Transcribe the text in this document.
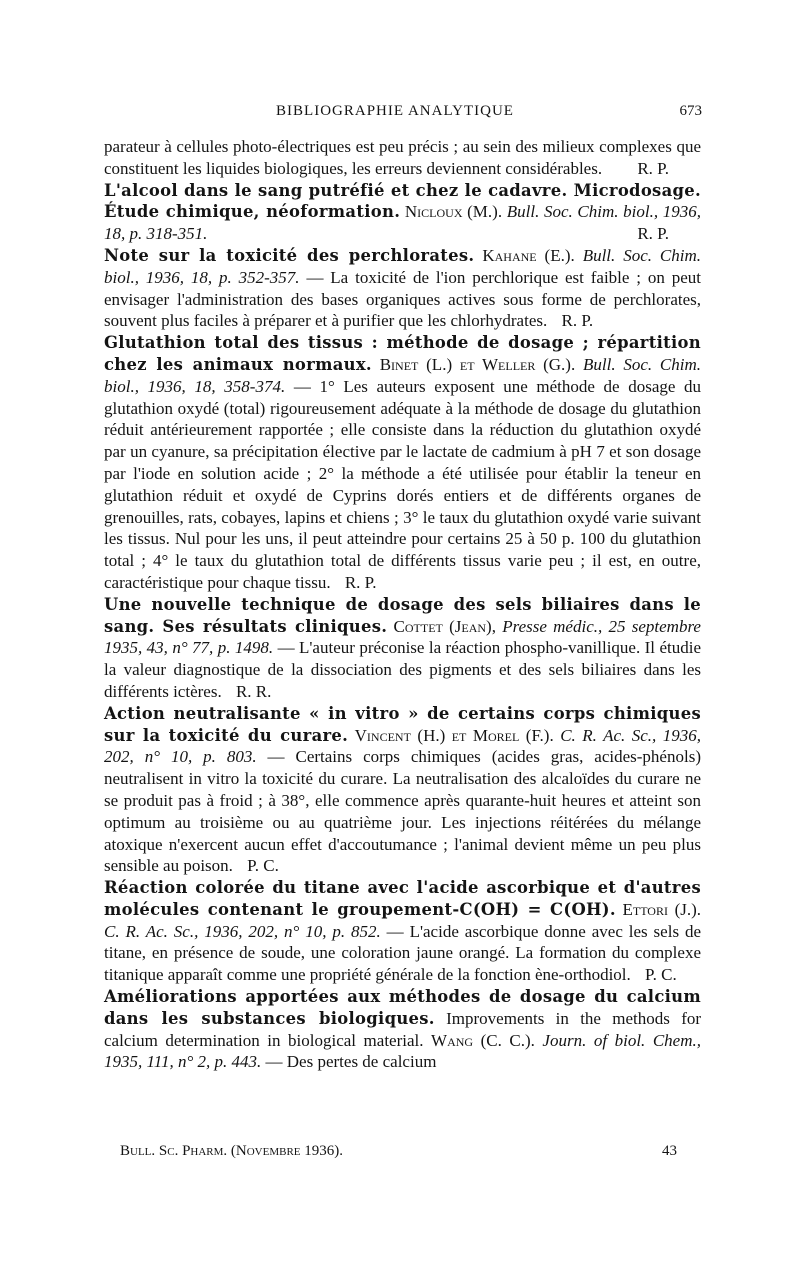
BIBLIOGRAPHIE ANALYTIQUE	673

parateur à cellules photo-électriques est peu précis ; au sein des milieux complexes que constituent les liquides biologiques, les erreurs deviennent considérables. R. P.

L'alcool dans le sang putréfié et chez le cadavre. Microdosage. Étude chimique, néoformation. Nicloux (M.). Bull. Soc. Chim. biol., 1936, 18, p. 318-351.	R. P.

Note sur la toxicité des perchlorates. Kahane (E.). Bull. Soc. Chim. biol., 1936, 18, p. 352-357. — La toxicité de l'ion perchlorique est faible ; on peut envisager l'administration des bases organiques actives sous forme de perchlorates, souvent plus faciles à préparer et à purifier que les chlorhydrates. R. P.

Glutathion total des tissus : méthode de dosage ; répartition chez les animaux normaux. Binet (L.) et Weller (G.). Bull. Soc. Chim. biol., 1936, 18, 358-374. — 1° Les auteurs exposent une méthode de dosage du glutathion oxydé (total) rigoureusement adéquate à la méthode de dosage du glutathion réduit antérieurement rapportée ; elle consiste dans la réduction du glutathion oxydé par un cyanure, sa précipitation élective par le lactate de cadmium à pH 7 et son dosage par l'iode en solution acide ; 2° la méthode a été utilisée pour établir la teneur en glutathion réduit et oxydé de Cyprins dorés entiers et de différents organes de grenouilles, rats, cobayes, lapins et chiens ; 3° le taux du glutathion oxydé varie suivant les tissus. Nul pour les uns, il peut atteindre pour certains 25 à 50 p. 100 du glutathion total ; 4° le taux du glutathion total de différents tissus varie peu ; il est, en outre, caractéristique pour chaque tissu. R. P.

Une nouvelle technique de dosage des sels biliaires dans le sang. Ses résultats cliniques. Cottet (Jean), Presse médic., 25 septembre 1935, 43, n° 77, p. 1498. — L'auteur préconise la réaction phospho-vanillique. Il étudie la valeur diagnostique de la dissociation des pigments et des sels biliaires dans les différents ictères. R. R.

Action neutralisante « in vitro » de certains corps chimiques sur la toxicité du curare. Vincent (H.) et Morel (F.). C. R. Ac. Sc., 1936, 202, n° 10, p. 803. — Certains corps chimiques (acides gras, acides-phénols) neutralisent in vitro la toxicité du curare. La neutralisation des alcaloïdes du curare ne se produit pas à froid ; à 38°, elle commence après quarante-huit heures et atteint son optimum au troisième ou au quatrième jour. Les injections réitérées du mélange atoxique n'exercent aucun effet d'accoutumance ; l'animal devient même un peu plus sensible au poison. P. C.

Réaction colorée du titane avec l'acide ascorbique et d'autres molécules contenant le groupement-C(OH) = C(OH). Ettori (J.). C. R. Ac. Sc., 1936, 202, n° 10, p. 852. — L'acide ascorbique donne avec les sels de titane, en présence de soude, une coloration jaune orangé. La formation du complexe titanique apparaît comme une propriété générale de la fonction ène-orthodiol. P. C.

Améliorations apportées aux méthodes de dosage du calcium dans les substances biologiques. Improvements in the methods for calcium determination in biological material. Wang (C. C.). Journ. of biol. Chem., 1935, 111, n° 2, p. 443. — Des pertes de calcium

Bull. Sc. Pharm. (Novembre 1936).	43
